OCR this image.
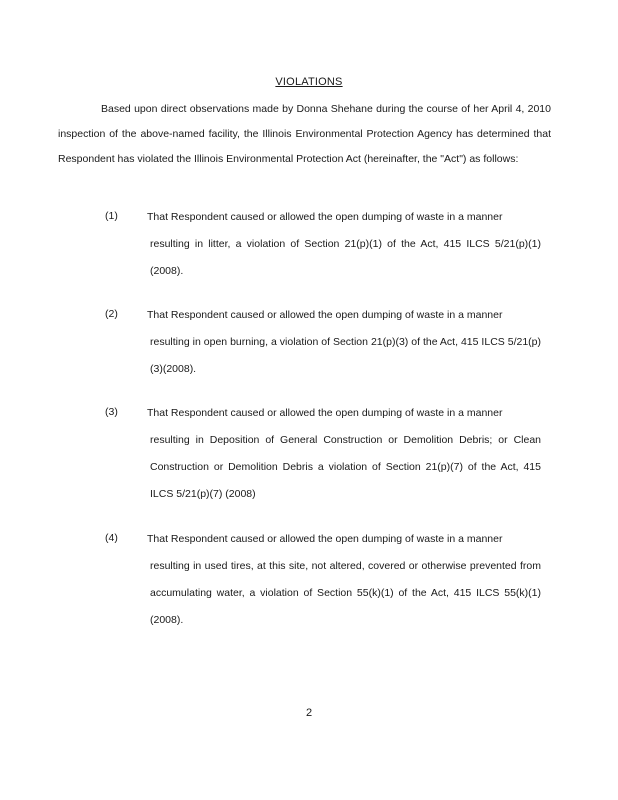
VIOLATIONS

Based upon direct observations made by Donna Shehane during the course of her April 4, 2010 inspection of the above-named facility, the Illinois Environmental Protection Agency has determined that Respondent has violated the Illinois Environmental Protection Act (hereinafter, the "Act") as follows:

(1)	That Respondent caused or allowed the open dumping of waste in a manner
resulting in litter, a violation of Section 21(p)(1) of the Act, 415 ILCS 5/21(p)(1) (2008).

(2)	That Respondent caused or allowed the open dumping of waste in a manner
resulting in open burning, a violation of Section 21(p)(3) of the Act, 415 ILCS 5/21(p)(3)(2008).

(3)	That Respondent caused or allowed the open dumping of waste in a manner
resulting in Deposition of General Construction or Demolition Debris; or Clean Construction or Demolition Debris a violation of Section 21(p)(7) of the Act, 415 ILCS 5/21(p)(7) (2008)

(4)	That Respondent caused or allowed the open dumping of waste in a manner
resulting in used tires, at this site, not altered, covered or otherwise prevented from accumulating water, a violation of Section 55(k)(1) of the Act, 415 ILCS 55(k)(1) (2008).

2
